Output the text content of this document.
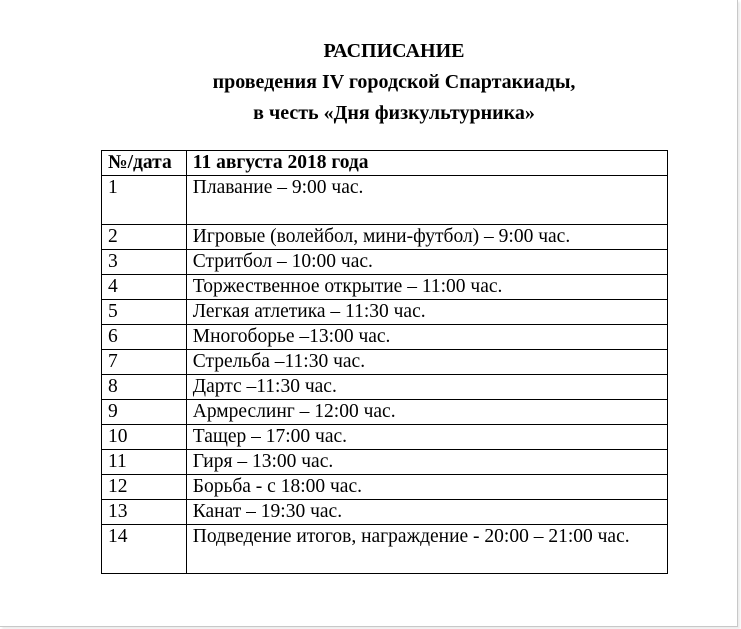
РАСПИСАНИЕ
проведения IV городской Спартакиады,
в честь «Дня физкультурника»
№/дата	11 августа 2018 года
1	Плавание – 9:00 час.
2	Игровые (волейбол, мини-футбол) – 9:00 час.
3	Стритбол – 10:00 час.
4	Торжественное открытие – 11:00 час.
5	Легкая атлетика – 11:30 час.
6	Многоборье –13:00 час.
7	Стрельба –11:30 час.
8	Дартс –11:30 час.
9	Армреслинг – 12:00 час.
10	Тащер – 17:00 час.
11	Гиря – 13:00 час.
12	Борьба - с 18:00 час.
13	Канат – 19:30 час.
14	Подведение итогов, награждение - 20:00 – 21:00 час.
